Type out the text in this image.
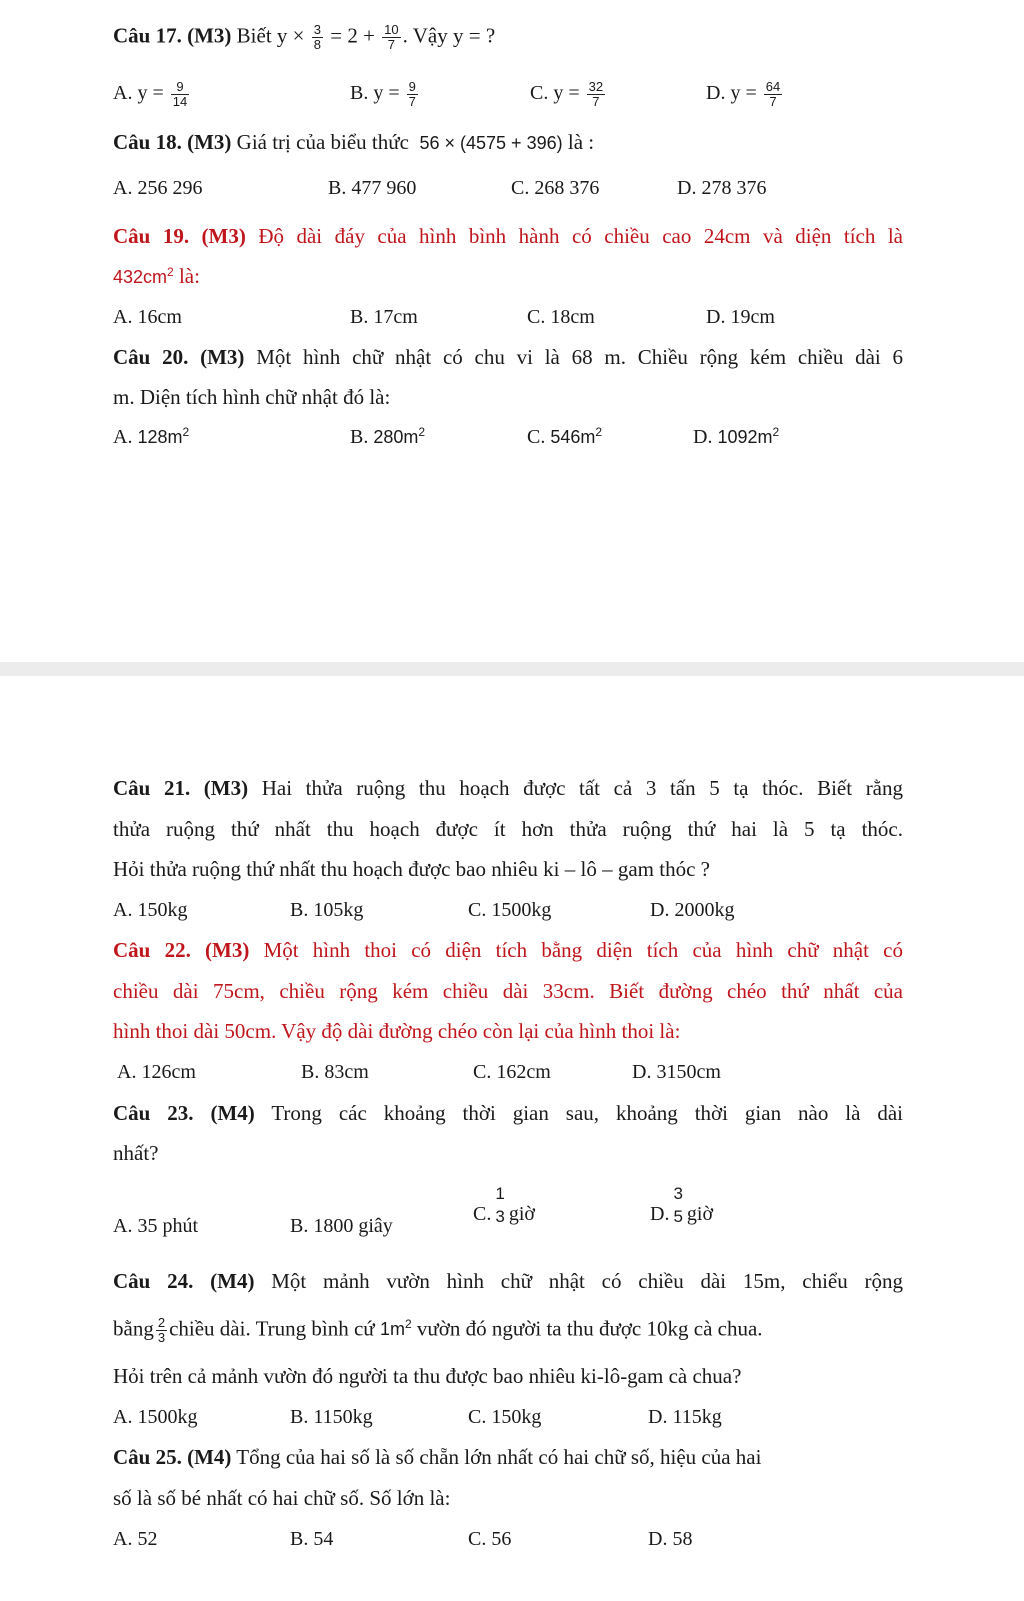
Câu 17. (M3) Biết $y \times \frac{3}{8} = 2 + \frac{10}{7}$ . Vậy y = ?
A. $y = \frac{9}{14}$	B. $y = \frac{9}{7}$	C. $y = \frac{32}{7}$	D. $y = \frac{64}{7}$
Câu 18. (M3) Giá trị của biểu thức 56 × (4575 + 396) là :
A. 256 296	B. 477 960	C. 268 376	D. 278 376
Câu 19. (M3) Độ dài đáy của hình bình hành có chiều cao 24cm và diện tích là
$432cm^2$ là:
A. 16cm	B. 17cm	C. 18cm	D. 19cm
Câu 20. (M3) Một hình chữ nhật có chu vi là 68 m. Chiều rộng kém chiều dài 6
m. Diện tích hình chữ nhật đó là:
A. $128m^2$	B. $280m^2$	C. $546m^2$	D. $1092m^2$
Câu 21. (M3) Hai thửa ruộng thu hoạch được tất cả 3 tấn 5 tạ thóc. Biết rằng
thửa ruộng thứ nhất thu hoạch được ít hơn thửa ruộng thứ hai là 5 tạ thóc.
Hỏi thửa ruộng thứ nhất thu hoạch được bao nhiêu ki – lô – gam thóc ?
A. 150kg	B. 105kg	C. 1500kg	D. 2000kg
Câu 22. (M3) Một hình thoi có diện tích bằng diện tích của hình chữ nhật có
chiều dài 75cm, chiều rộng kém chiều dài 33cm. Biết đường chéo thứ nhất của
hình thoi dài 50cm. Vậy độ dài đường chéo còn lại của hình thoi là:
A. 126cm	B. 83cm	C. 162cm	D. 3150cm
Câu 23. (M4) Trong các khoảng thời gian sau, khoảng thời gian nào là dài
nhất?
A. 35 phút	B. 1800 giây
C. $\frac{1}{3}$ giờ	D. $\frac{3}{5}$ giờ
Câu 24. (M4) Một mảnh vườn hình chữ nhật có chiều dài 15m, chiểu rộng
bằng $\frac{2}{3}$ chiều dài. Trung bình cứ $1m^2$ vườn đó người ta thu được 10kg cà chua.
Hỏi trên cả mảnh vườn đó người ta thu được bao nhiêu ki-lô-gam cà chua?
A. 1500kg	B. 1150kg	C. 150kg	D. 115kg
Câu 25. (M4) Tổng của hai số là số chẵn lớn nhất có hai chữ số, hiệu của hai
số là số bé nhất có hai chữ số. Số lớn là:
A. 52	B. 54	C. 56	D. 58
